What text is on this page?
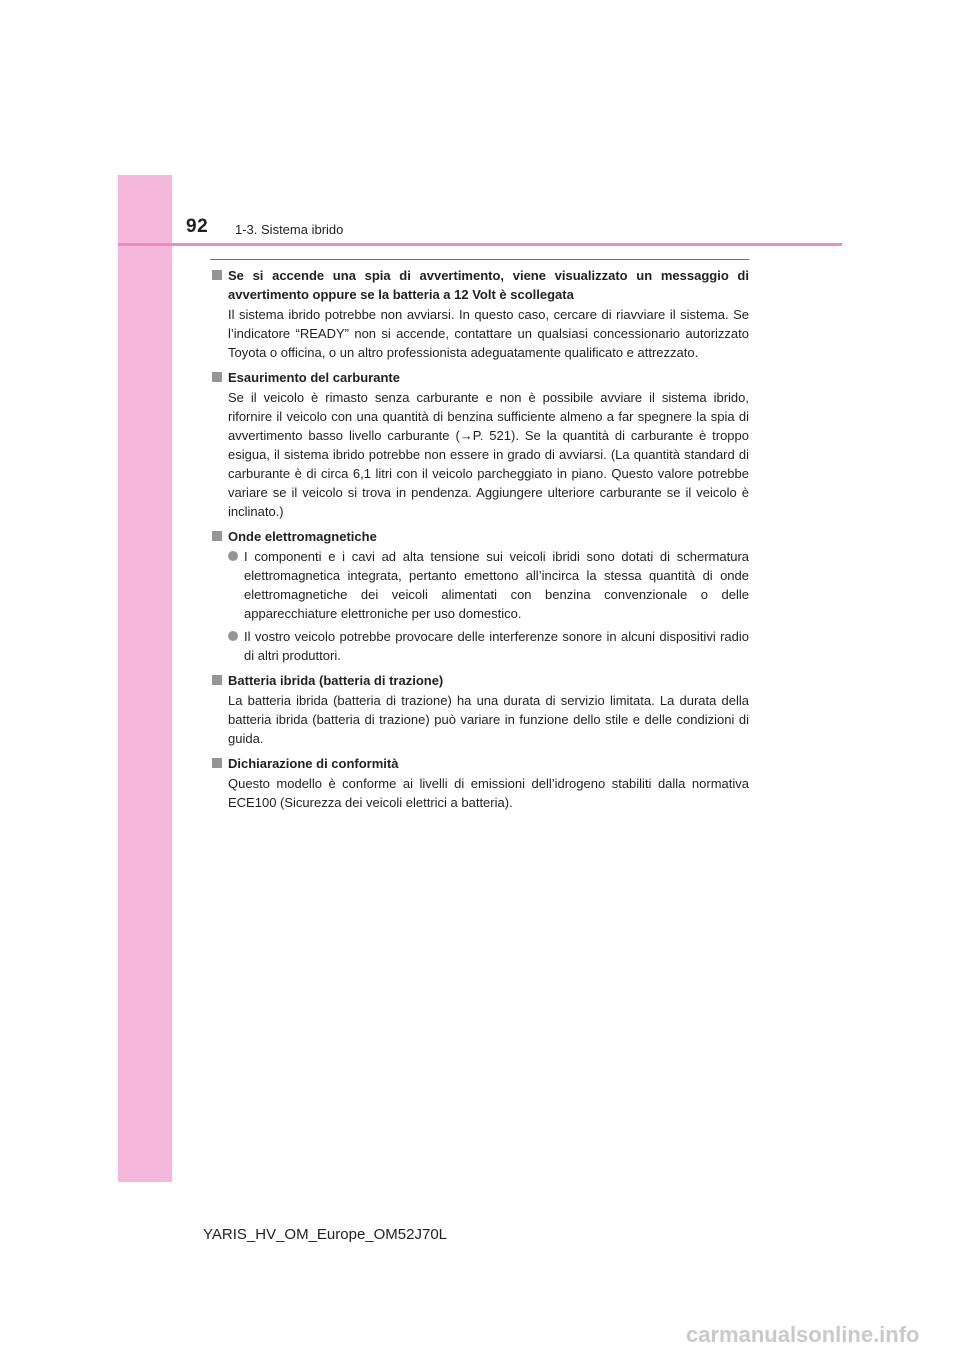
92 1-3. Sistema ibrido
Se si accende una spia di avvertimento, viene visualizzato un messaggio di avvertimento oppure se la batteria a 12 Volt è scollegata
Il sistema ibrido potrebbe non avviarsi. In questo caso, cercare di riavviare il sistema. Se l’indicatore “READY” non si accende, contattare un qualsiasi concessionario autorizzato Toyota o officina, o un altro professionista adeguatamente qualificato e attrezzato.
Esaurimento del carburante
Se il veicolo è rimasto senza carburante e non è possibile avviare il sistema ibrido, rifornire il veicolo con una quantità di benzina sufficiente almeno a far spegnere la spia di avvertimento basso livello carburante (→P. 521). Se la quantità di carburante è troppo esigua, il sistema ibrido potrebbe non essere in grado di avviarsi. (La quantità standard di carburante è di circa 6,1 litri con il veicolo parcheggiato in piano. Questo valore potrebbe variare se il veicolo si trova in pendenza. Aggiungere ulteriore carburante se il veicolo è inclinato.)
Onde elettromagnetiche
I componenti e i cavi ad alta tensione sui veicoli ibridi sono dotati di schermatura elettromagnetica integrata, pertanto emettono all’incirca la stessa quantità di onde elettromagnetiche dei veicoli alimentati con benzina convenzionale o delle apparecchiature elettroniche per uso domestico.
Il vostro veicolo potrebbe provocare delle interferenze sonore in alcuni dispositivi radio di altri produttori.
Batteria ibrida (batteria di trazione)
La batteria ibrida (batteria di trazione) ha una durata di servizio limitata. La durata della batteria ibrida (batteria di trazione) può variare in funzione dello stile e delle condizioni di guida.
Dichiarazione di conformità
Questo modello è conforme ai livelli di emissioni dell’idrogeno stabiliti dalla normativa ECE100 (Sicurezza dei veicoli elettrici a batteria).
YARIS_HV_OM_Europe_OM52J70L
carmanualsonline.info
